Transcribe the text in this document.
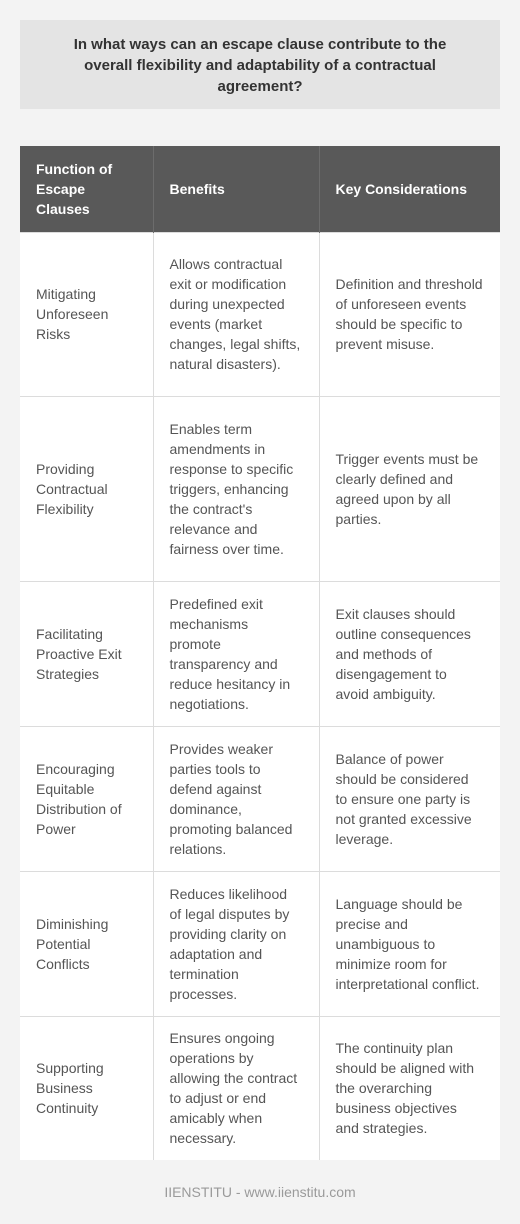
In what ways can an escape clause contribute to the overall flexibility and adaptability of a contractual agreement?
Function of Escape Clauses	Benefits	Key Considerations
Mitigating Unforeseen Risks	Allows contractual exit or modification during unexpected events (market changes, legal shifts, natural disasters).	Definition and threshold of unforeseen events should be specific to prevent misuse.
Providing Contractual Flexibility	Enables term amendments in response to specific triggers, enhancing the contract's relevance and fairness over time.	Trigger events must be clearly defined and agreed upon by all parties.
Facilitating Proactive Exit Strategies	Predefined exit mechanisms promote transparency and reduce hesitancy in negotiations.	Exit clauses should outline consequences and methods of disengagement to avoid ambiguity.
Encouraging Equitable Distribution of Power	Provides weaker parties tools to defend against dominance, promoting balanced relations.	Balance of power should be considered to ensure one party is not granted excessive leverage.
Diminishing Potential Conflicts	Reduces likelihood of legal disputes by providing clarity on adaptation and termination processes.	Language should be precise and unambiguous to minimize room for interpretational conflict.
Supporting Business Continuity	Ensures ongoing operations by allowing the contract to adjust or end amicably when necessary.	The continuity plan should be aligned with the overarching business objectives and strategies.
IIENSTITU - www.iienstitu.com
